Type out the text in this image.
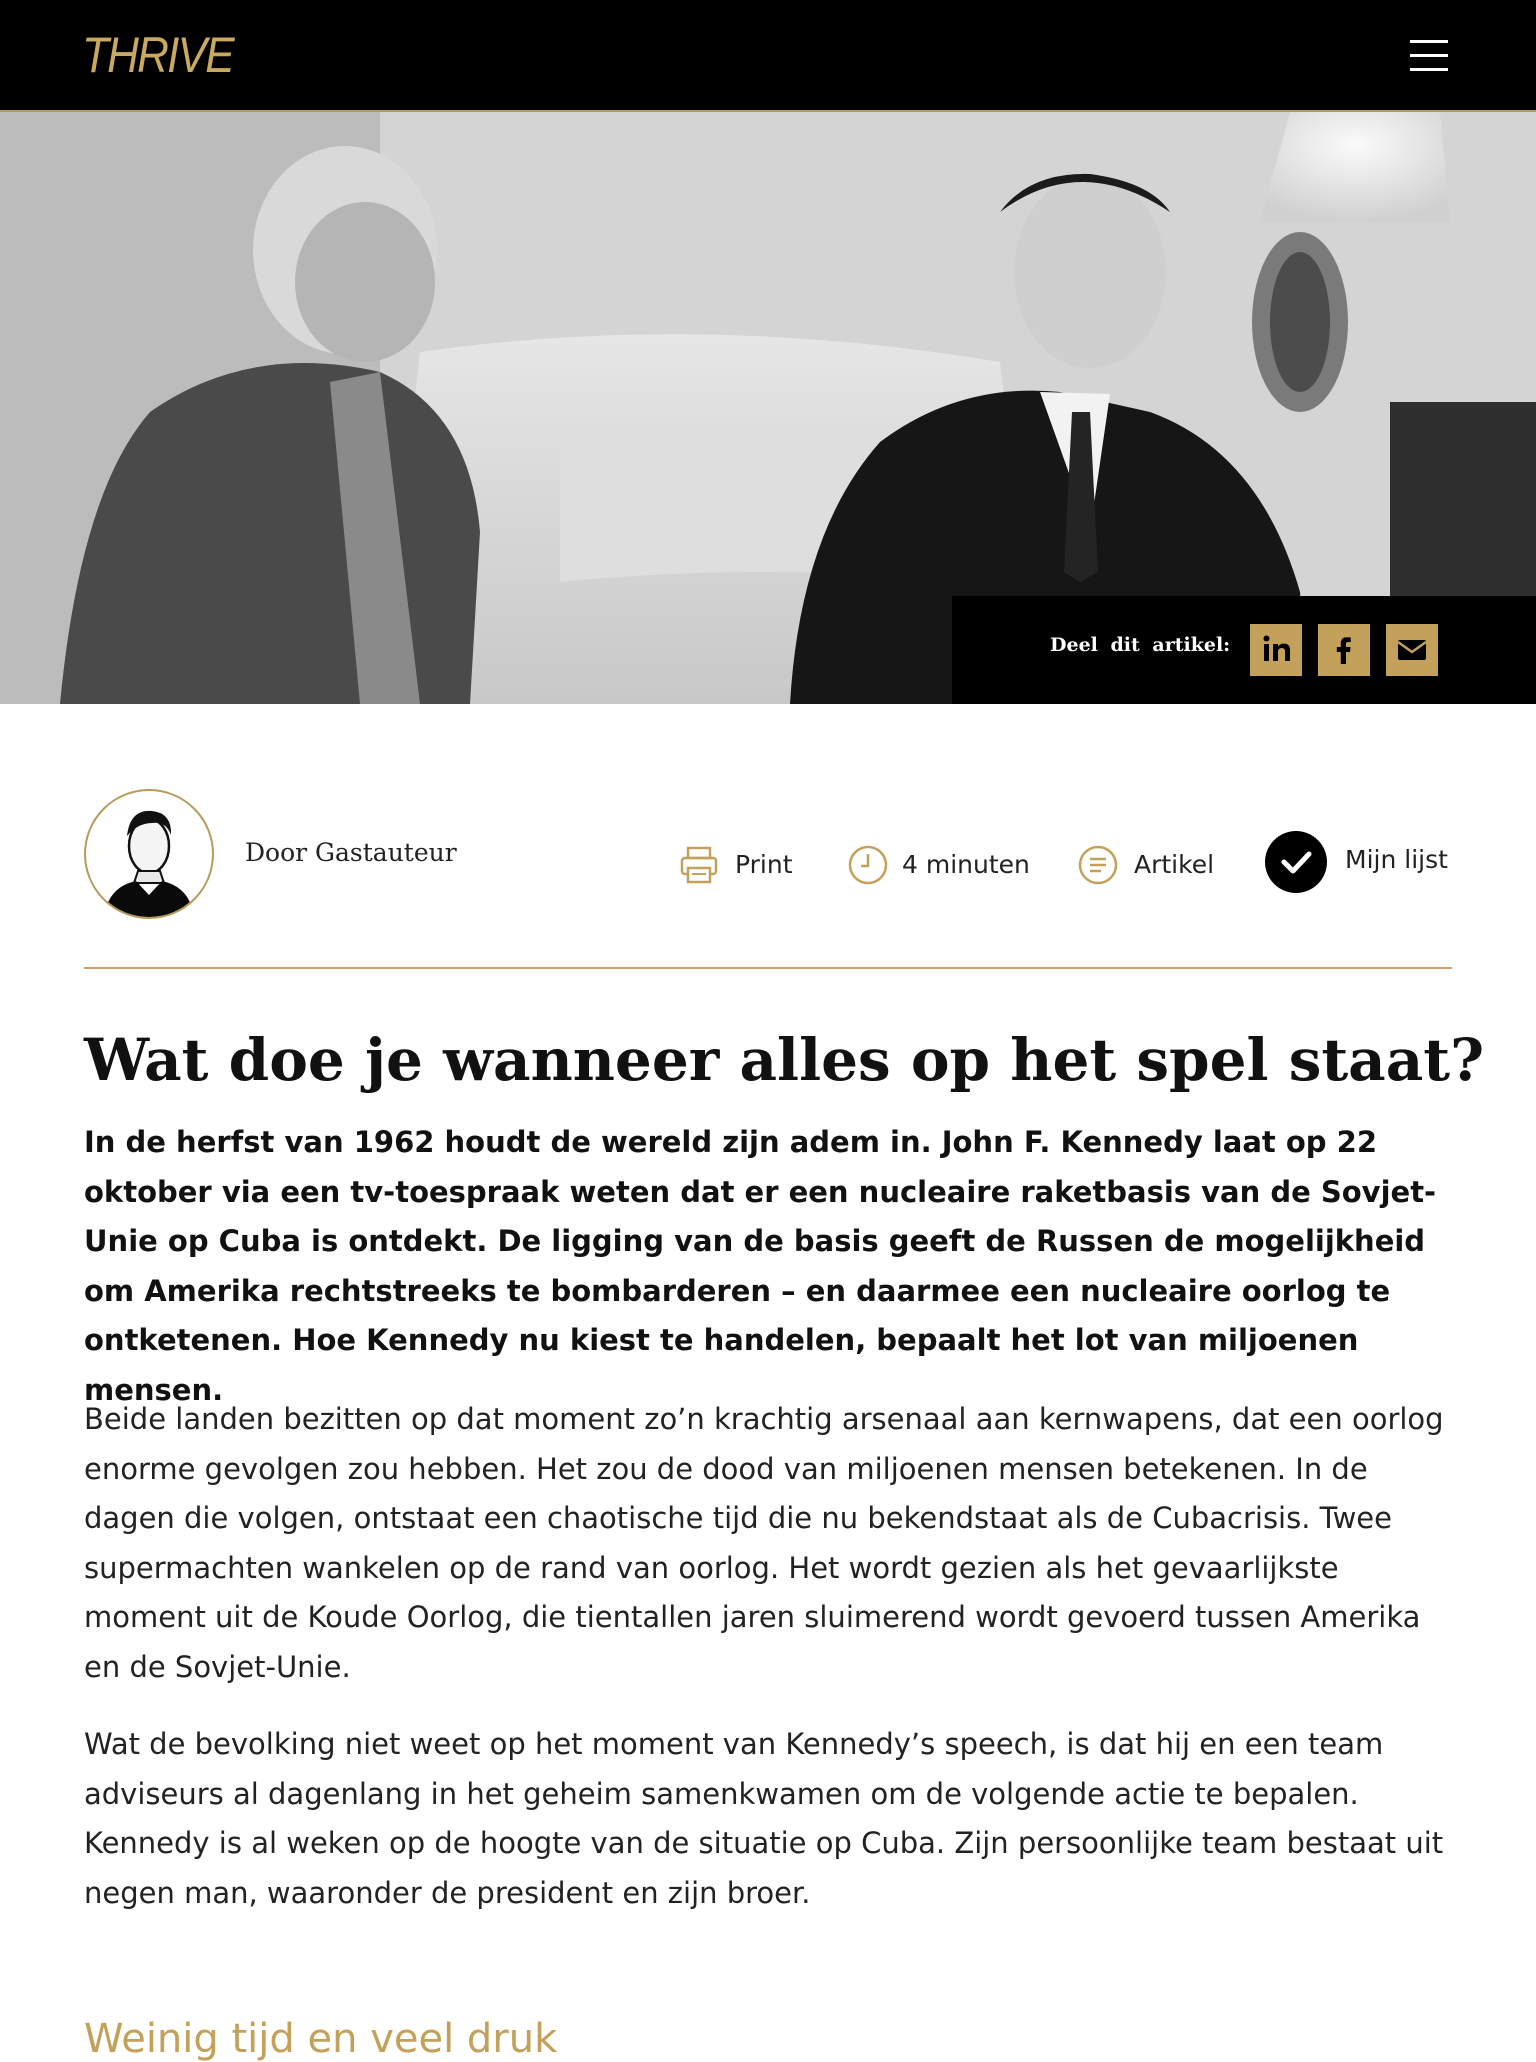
THRIVE
Deel dit artikel:
Door Gastauteur	Print	4 minuten	Artikel	Mijn lijst
Wat doe je wanneer alles op het spel staat?

In de herfst van 1962 houdt de wereld zijn adem in. John F. Kennedy laat op 22 oktober via een tv-toespraak weten dat er een nucleaire raketbasis van de Sovjet-Unie op Cuba is ontdekt. De ligging van de basis geeft de Russen de mogelijkheid om Amerika rechtstreeks te bombarderen – en daarmee een nucleaire oorlog te ontketenen. Hoe Kennedy nu kiest te handelen, bepaalt het lot van miljoenen mensen.

Beide landen bezitten op dat moment zo’n krachtig arsenaal aan kernwapens, dat een oorlog enorme gevolgen zou hebben. Het zou de dood van miljoenen mensen betekenen. In de dagen die volgen, ontstaat een chaotische tijd die nu bekendstaat als de Cubacrisis. Twee supermachten wankelen op de rand van oorlog. Het wordt gezien als het gevaarlijkste moment uit de Koude Oorlog, die tientallen jaren sluimerend wordt gevoerd tussen Amerika en de Sovjet-Unie.

Wat de bevolking niet weet op het moment van Kennedy’s speech, is dat hij en een team adviseurs al dagenlang in het geheim samenkwamen om de volgende actie te bepalen. Kennedy is al weken op de hoogte van de situatie op Cuba. Zijn persoonlijke team bestaat uit negen man, waaronder de president en zijn broer.

Weinig tijd en veel druk
